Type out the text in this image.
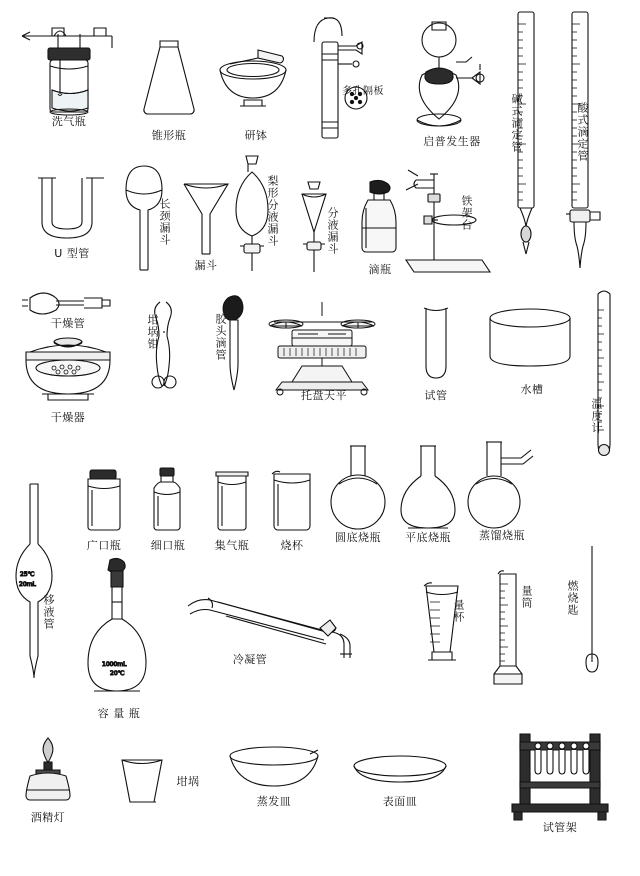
洗气瓶
锥形瓶	研钵
多孔隔板
启普发生器	碱式滴定管	酸式滴定管
U 型管
长颈漏斗
漏斗
梨形分液漏斗	分液漏斗
滴瓶
铁架台
干燥管	坩埚钳	胶头滴管
干燥器
托盘天平	试管	水槽
温度计
广口瓶	细口瓶	集气瓶	烧杯
圆底烧瓶	平底烧瓶	蒸馏烧瓶
25℃
20mL
移液管
1000mL
20℃
容 量 瓶
冷凝管
量杯
量筒	燃烧匙
酒精灯
坩埚
蒸发皿	表面皿
试管架
